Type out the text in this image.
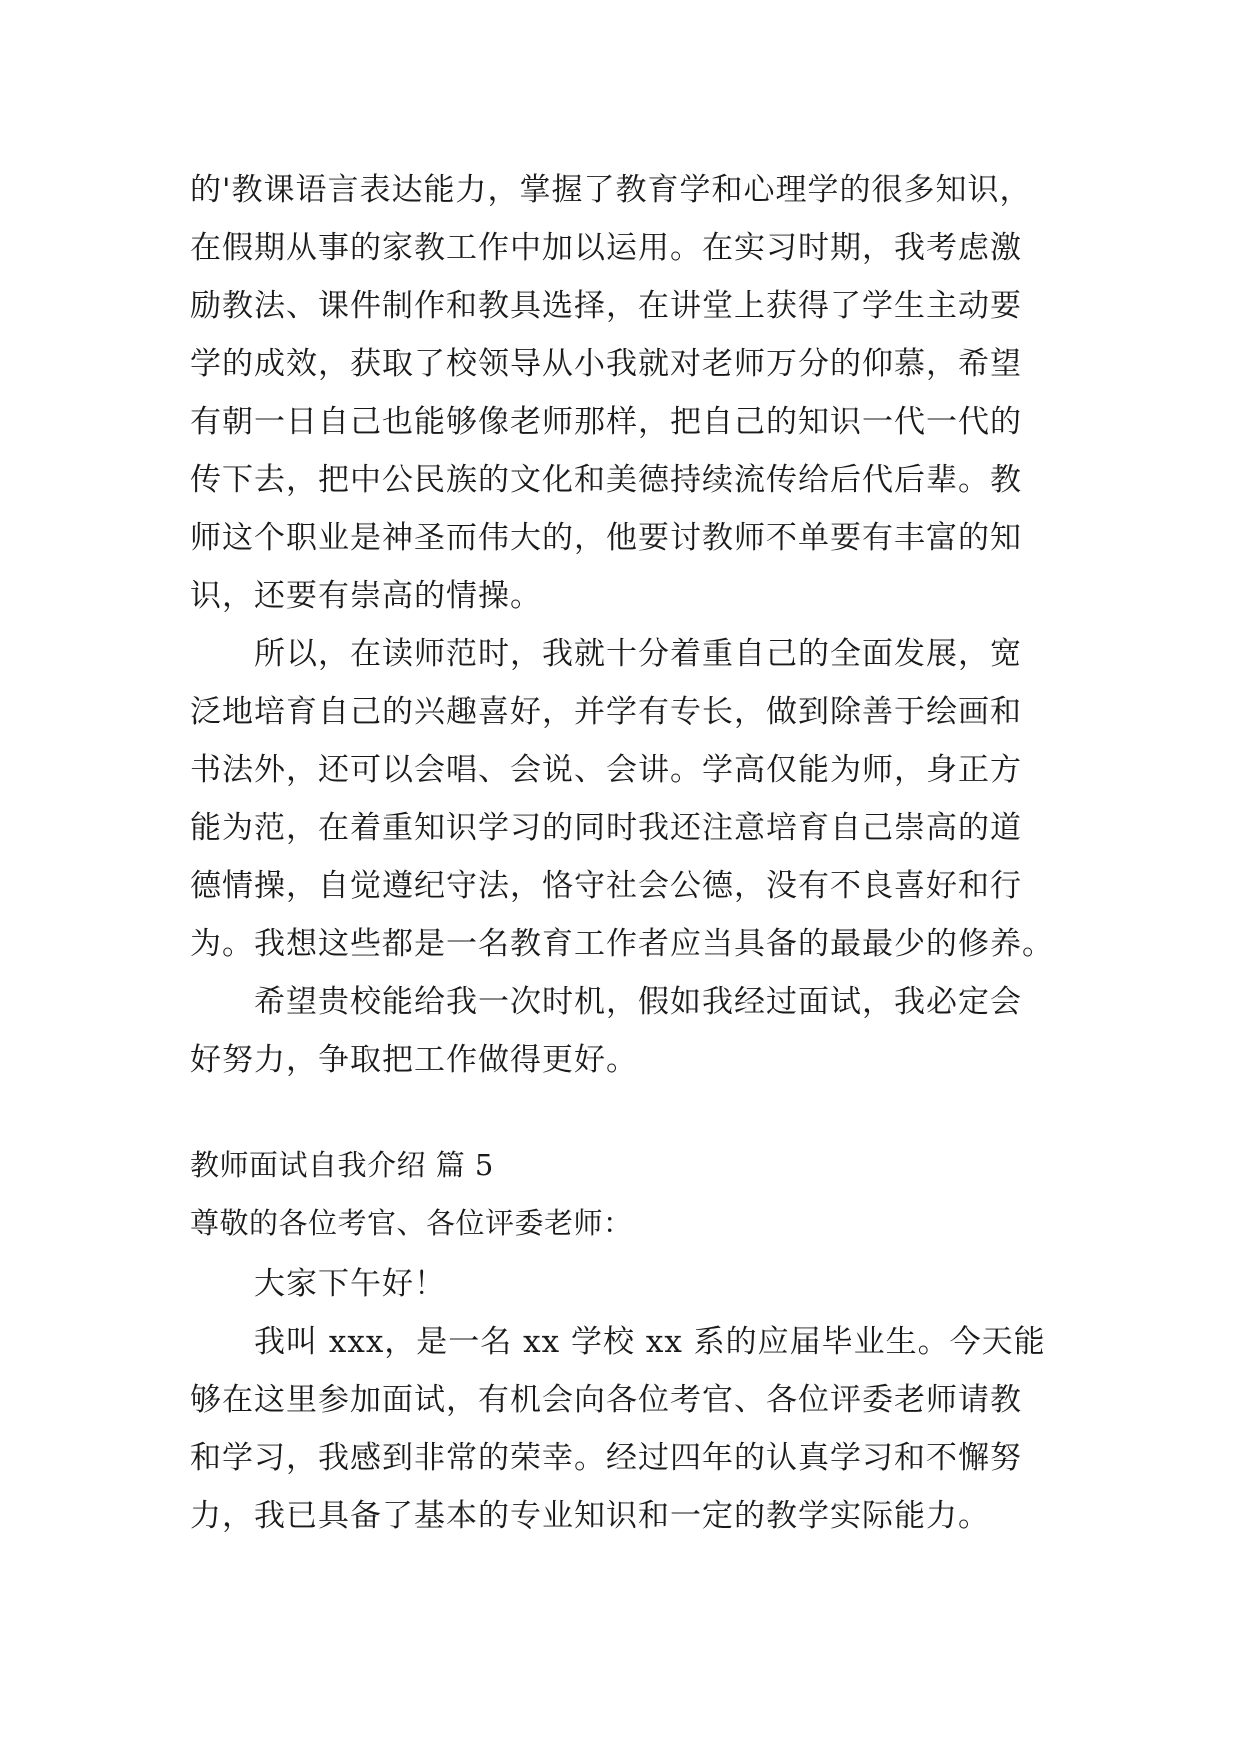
的'教课语言表达能力，掌握了教育学和心理学的很多知识，
在假期从事的家教工作中加以运用。在实习时期，我考虑激
励教法、课件制作和教具选择，在讲堂上获得了学生主动要
学的成效，获取了校领导从小我就对老师万分的仰慕，希望
有朝一日自己也能够像老师那样，把自己的知识一代一代的
传下去，把中公民族的文化和美德持续流传给后代后辈。教
师这个职业是神圣而伟大的，他要讨教师不单要有丰富的知
识，还要有崇高的情操。
所以，在读师范时，我就十分着重自己的全面发展，宽
泛地培育自己的兴趣喜好，并学有专长，做到除善于绘画和
书法外，还可以会唱、会说、会讲。学高仅能为师，身正方
能为范，在着重知识学习的同时我还注意培育自己崇高的道
德情操，自觉遵纪守法，恪守社会公德，没有不良喜好和行
为。我想这些都是一名教育工作者应当具备的最最少的修养。
希望贵校能给我一次时机，假如我经过面试，我必定会
好努力，争取把工作做得更好。
教师面试自我介绍 篇 5
尊敬的各位考官、各位评委老师：
大家下午好！
我叫 xxx，是一名 xx 学校 xx 系的应届毕业生。今天能
够在这里参加面试，有机会向各位考官、各位评委老师请教
和学习，我感到非常的荣幸。经过四年的认真学习和不懈努
力，我已具备了基本的专业知识和一定的教学实际能力。
